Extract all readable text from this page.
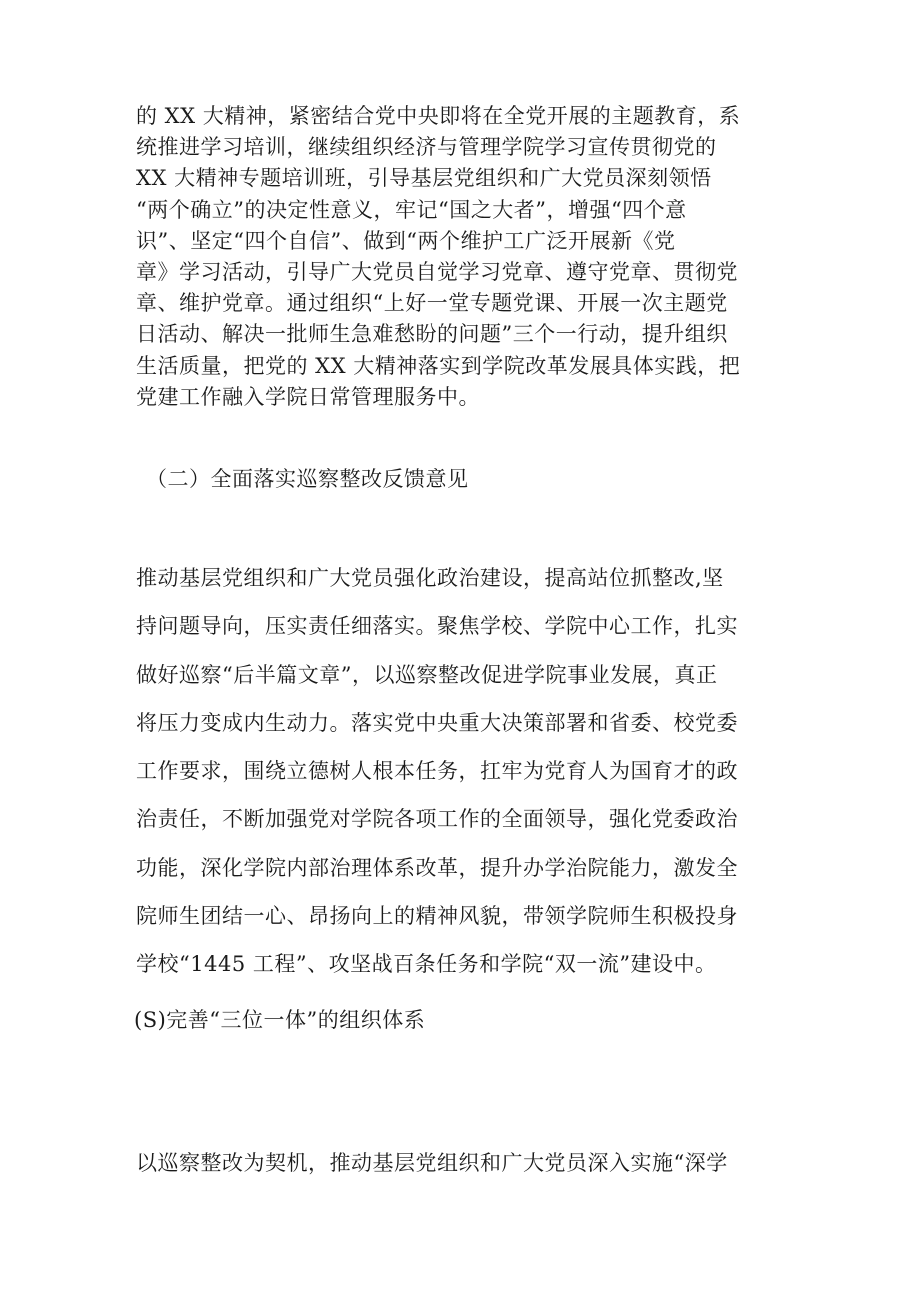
的 XX 大精神，紧密结合党中央即将在全党开展的主题教育，系
统推进学习培训，继续组织经济与管理学院学习宣传贯彻党的
XX 大精神专题培训班，引导基层党组织和广大党员深刻领悟
“两个确立”的决定性意义，牢记“国之大者”，增强“四个意
识”、坚定“四个自信”、做到“两个维护工广泛开展新《党
章》学习活动，引导广大党员自觉学习党章、遵守党章、贯彻党
章、维护党章。通过组织“上好一堂专题党课、开展一次主题党
日活动、解决一批师生急难愁盼的问题”三个一行动，提升组织
生活质量，把党的 XX 大精神落实到学院改革发展具体实践，把
党建工作融入学院日常管理服务中。
（二）全面落实巡察整改反馈意见
推动基层党组织和广大党员强化政治建设，提高站位抓整改,坚
持问题导向，压实责任细落实。聚焦学校、学院中心工作，扎实
做好巡察“后半篇文章”，以巡察整改促进学院事业发展，真正
将压力变成内生动力。落实党中央重大决策部署和省委、校党委
工作要求，围绕立德树人根本任务，扛牢为党育人为国育才的政
治责任，不断加强党对学院各项工作的全面领导，强化党委政治
功能，深化学院内部治理体系改革，提升办学治院能力，激发全
院师生团结一心、昂扬向上的精神风貌，带领学院师生积极投身
学校“1445 工程”、攻坚战百条任务和学院“双一流”建设中。
(S)完善“三位一体”的组织体系
以巡察整改为契机，推动基层党组织和广大党员深入实施“深学
